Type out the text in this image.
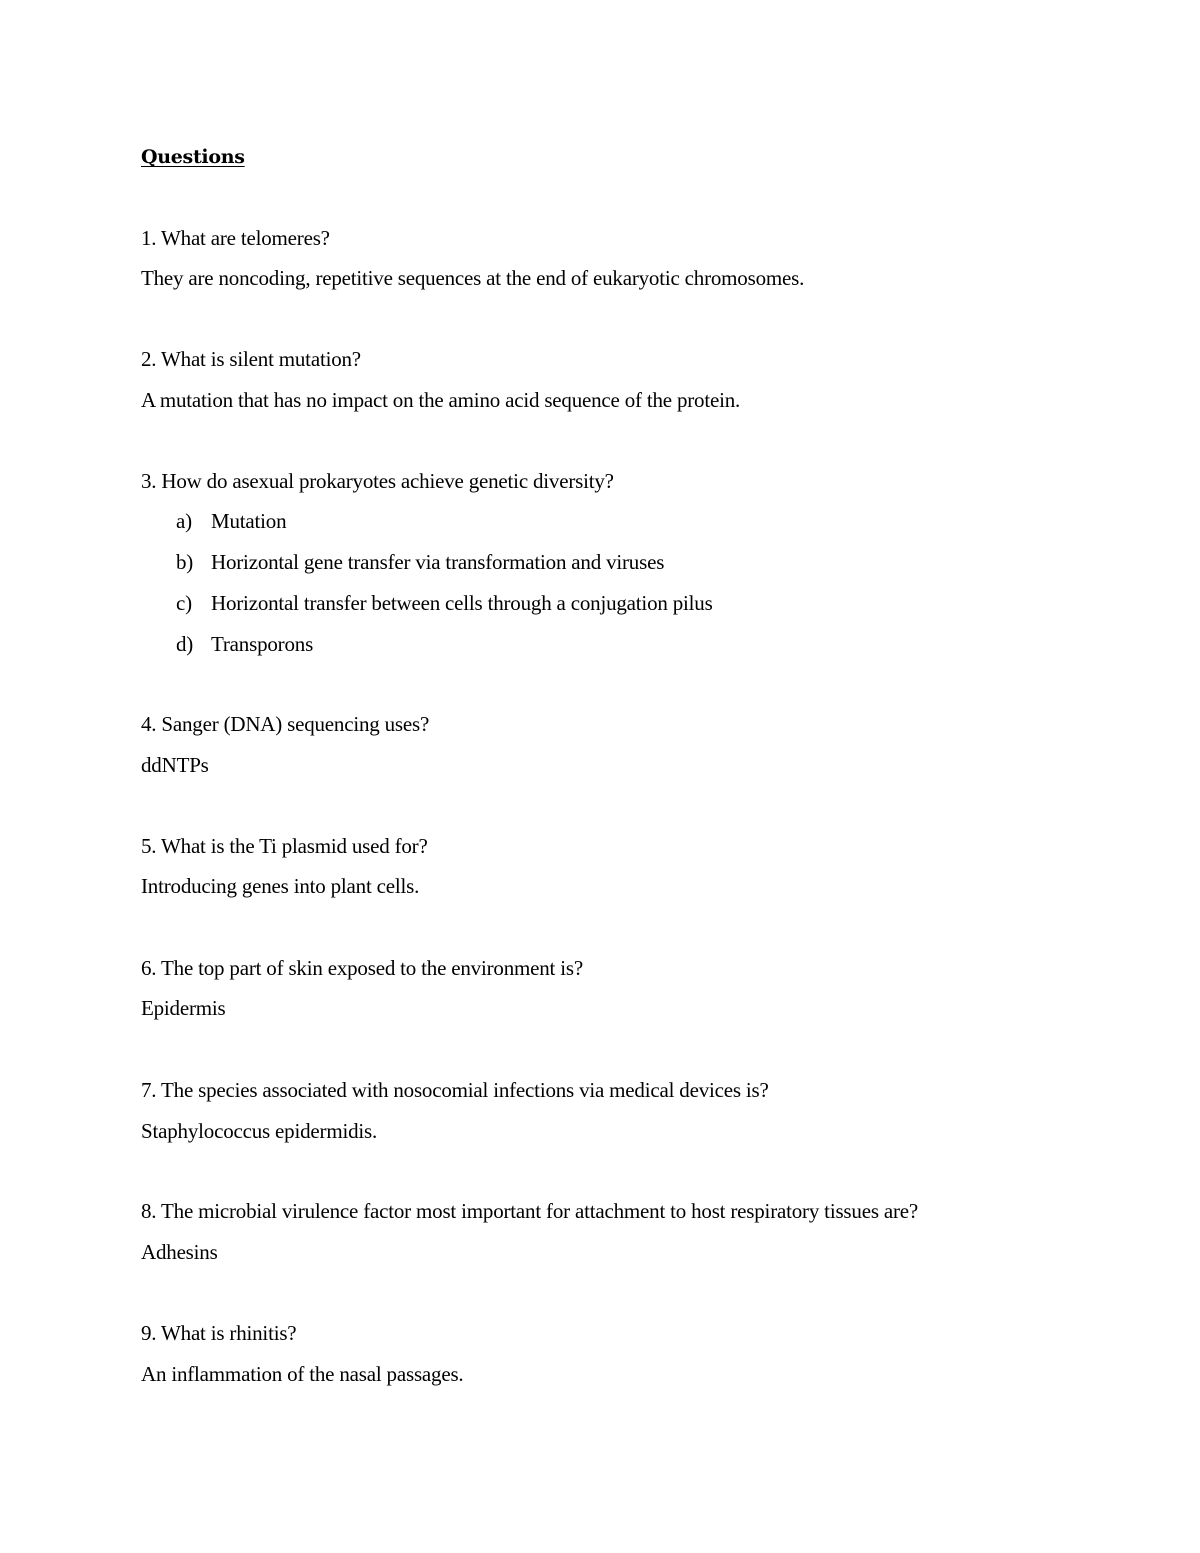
Questions
1. What are telomeres?
They are noncoding, repetitive sequences at the end of eukaryotic chromosomes.
2. What is silent mutation?
A mutation that has no impact on the amino acid sequence of the protein.
3. How do asexual prokaryotes achieve genetic diversity?
a) Mutation
b) Horizontal gene transfer via transformation and viruses
c) Horizontal transfer between cells through a conjugation pilus
d) Transporons
4. Sanger (DNA) sequencing uses?
ddNTPs
5. What is the Ti plasmid used for?
Introducing genes into plant cells.
6. The top part of skin exposed to the environment is?
Epidermis
7. The species associated with nosocomial infections via medical devices is?
Staphylococcus epidermidis.
8. The microbial virulence factor most important for attachment to host respiratory tissues are?
Adhesins
9. What is rhinitis?
An inflammation of the nasal passages.
